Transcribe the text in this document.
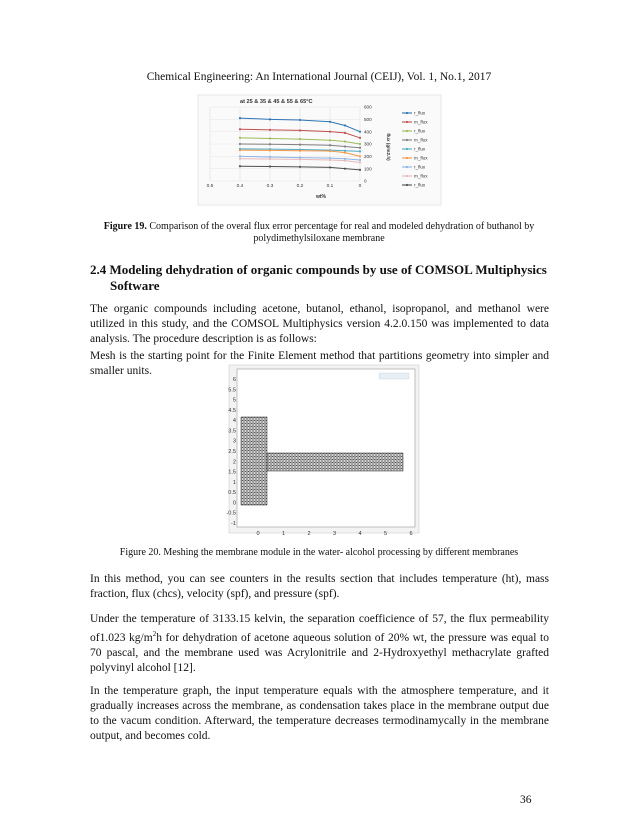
Chemical Engineering: An International Journal (CEIJ), Vol. 1, No.1, 2017
at 25 & 35 & 45 & 55 & 65°C
wt%
flux (g/m2.h)
0.5	0.4	0.3	0.2	0.1	0
600
500
400
300
200
100
0
r_flux
m_flux
r_flux
m_flux
r_flux
m_flux
r_flux
m_flux
r_flux
Figure 19. Comparison of the overal flux error percentage for real and modeled dehydration of buthanol by polydimethylsiloxane membrane
2.4 Modeling dehydration of organic compounds by use of COMSOL Multiphysics
Software
The organic compounds including acetone, butanol, ethanol, isopropanol, and methanol were utilized in this study, and the COMSOL Multiphysics version 4.2.0.150 was implemented to data analysis. The procedure description is as follows:
Mesh is the starting point for the Finite Element method that partitions geometry into simpler and smaller units.
6
5.5
5
4.5
4
3.5
3
2.5
2
1.5
1
0.5
0
-0.5
-1
0	1	2	3	4	5	6
Figure 20. Meshing the membrane module in the water- alcohol processing by different membranes
In this method, you can see counters in the results section that includes temperature (ht), mass fraction, flux (chcs), velocity (spf), and pressure (spf).
Under the temperature of 3133.15 kelvin, the separation coefficience of 57, the flux permeability of1.023 $kg/m^2h$ for dehydration of acetone aqueous solution of 20% wt, the pressure was equal to 70 pascal, and the membrane used was Acrylonitrile and 2-Hydroxyethyl methacrylate grafted polyvinyl alcohol [12].
In the temperature graph, the input temperature equals with the atmosphere temperature, and it gradually increases across the membrane, as condensation takes place in the membrane output due to the vacum condition. Afterward, the temperature decreases termodinamycally in the membrane output, and becomes cold.
36
